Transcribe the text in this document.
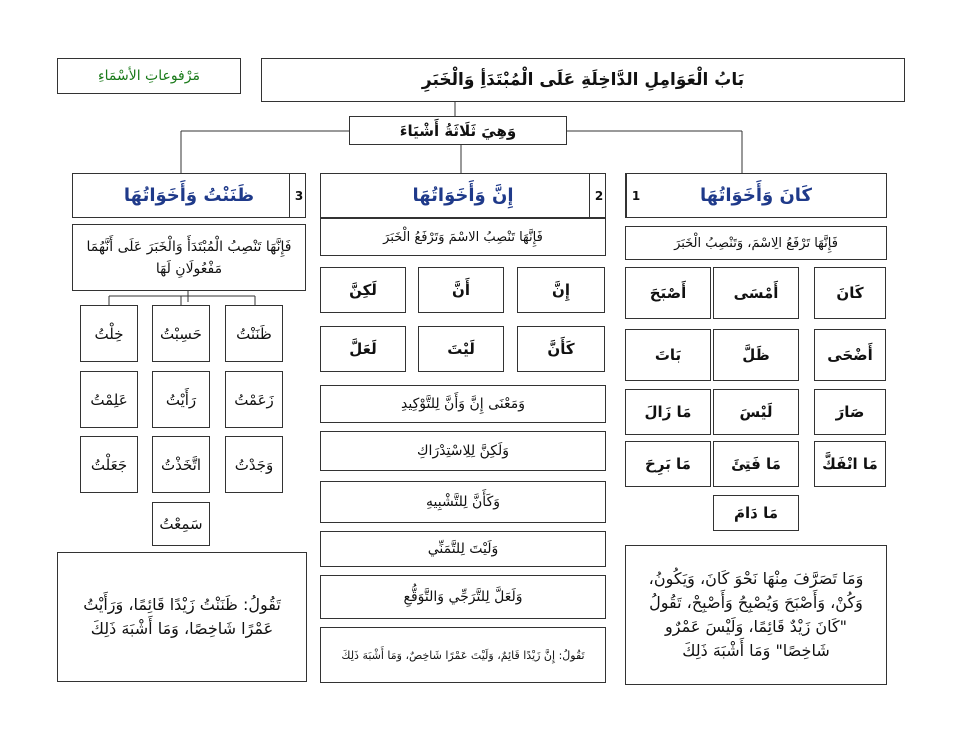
مَرْفوعاتِ الأسْمَاءِ	بَابُ الْعَوَامِلِ الدَّاخِلَةِ عَلَى الْمُبْتَدَأِ وَالْخَبَرِ
وَهِيَ ثَلَاثَةُ أَشْيَاءَ
كَانَ وَأَخَوَاتُهَا
1
فَإِنَّهَا تَرْفَعُ الِاسْمَ، وَتَنْصِبُ الْخَبَرَ
أَصْبَحَ	أَمْسَى	كَانَ
بَاتَ	ظَلَّ	أَضْحَى
مَا زَالَ	لَيْسَ	صَارَ
مَا بَرِحَ	مَا فَتِئَ	مَا انْفَكَّ
مَا دَامَ
وَمَا تَصَرَّفَ مِنْهَا نَحْوَ كَانَ، وَيَكُونُ، وَكُنْ، وَأَصْبَحَ وَيُصْبِحُ وَأَصْبِحْ، تَقُولُ "كَانَ زَيْدٌ قَائِمًا، وَلَيْسَ عَمْرٌو شَاخِصًا" وَمَا أَشْبَهَ ذَلِكَ
إِنَّ وَأَخَوَاتُهَا	2
فَإِنَّهَا تَنْصِبُ الاسْمَ وَتَرْفَعُ الْخَبَرَ
لَكِنَّ	أَنَّ	إِنَّ
لَعَلَّ	لَيْتَ	كَأَنَّ
وَمَعْنَى إِنَّ وَأَنَّ لِلتَّوْكِيدِ
وَلَكِنَّ لِلِاسْتِدْرَاكِ
وَكَأَنَّ لِلتَّشْبِيهِ
وَلَيْتَ لِلتَّمَنِّي
وَلَعَلَّ لِلتَّرَجِّي وَالتَّوَقُّعِ
تَقُولُ: إِنَّ زَيْدًا قَائِمٌ، وَلَيْتَ عَمْرًا شَاخِصٌ، وَمَا أَشْبَهَ ذَلِكَ
ظَنَنْتُ وَأَخَوَاتُهَا	3
فَإِنَّهَا تَنْصِبُ الْمُبْتَدَأَ وَالْخَبَرَ عَلَى أَنَّهُمَا مَفْعُولَانِ لَهَا
خِلْتُ حَسِبْتُ ظَنَنْتُ
عَلِمْتُ	رَأَيْتُ	زَعَمْتُ
جَعَلْتُ اتَّخَذْتُ وَجَدْتُ
سَمِعْتُ
تَقُولُ: ظَنَنْتُ زَيْدًا قَائِمًا، وَرَأَيْتُ عَمْرًا شَاخِصًا، وَمَا أَشْبَهَ ذَلِكَ
